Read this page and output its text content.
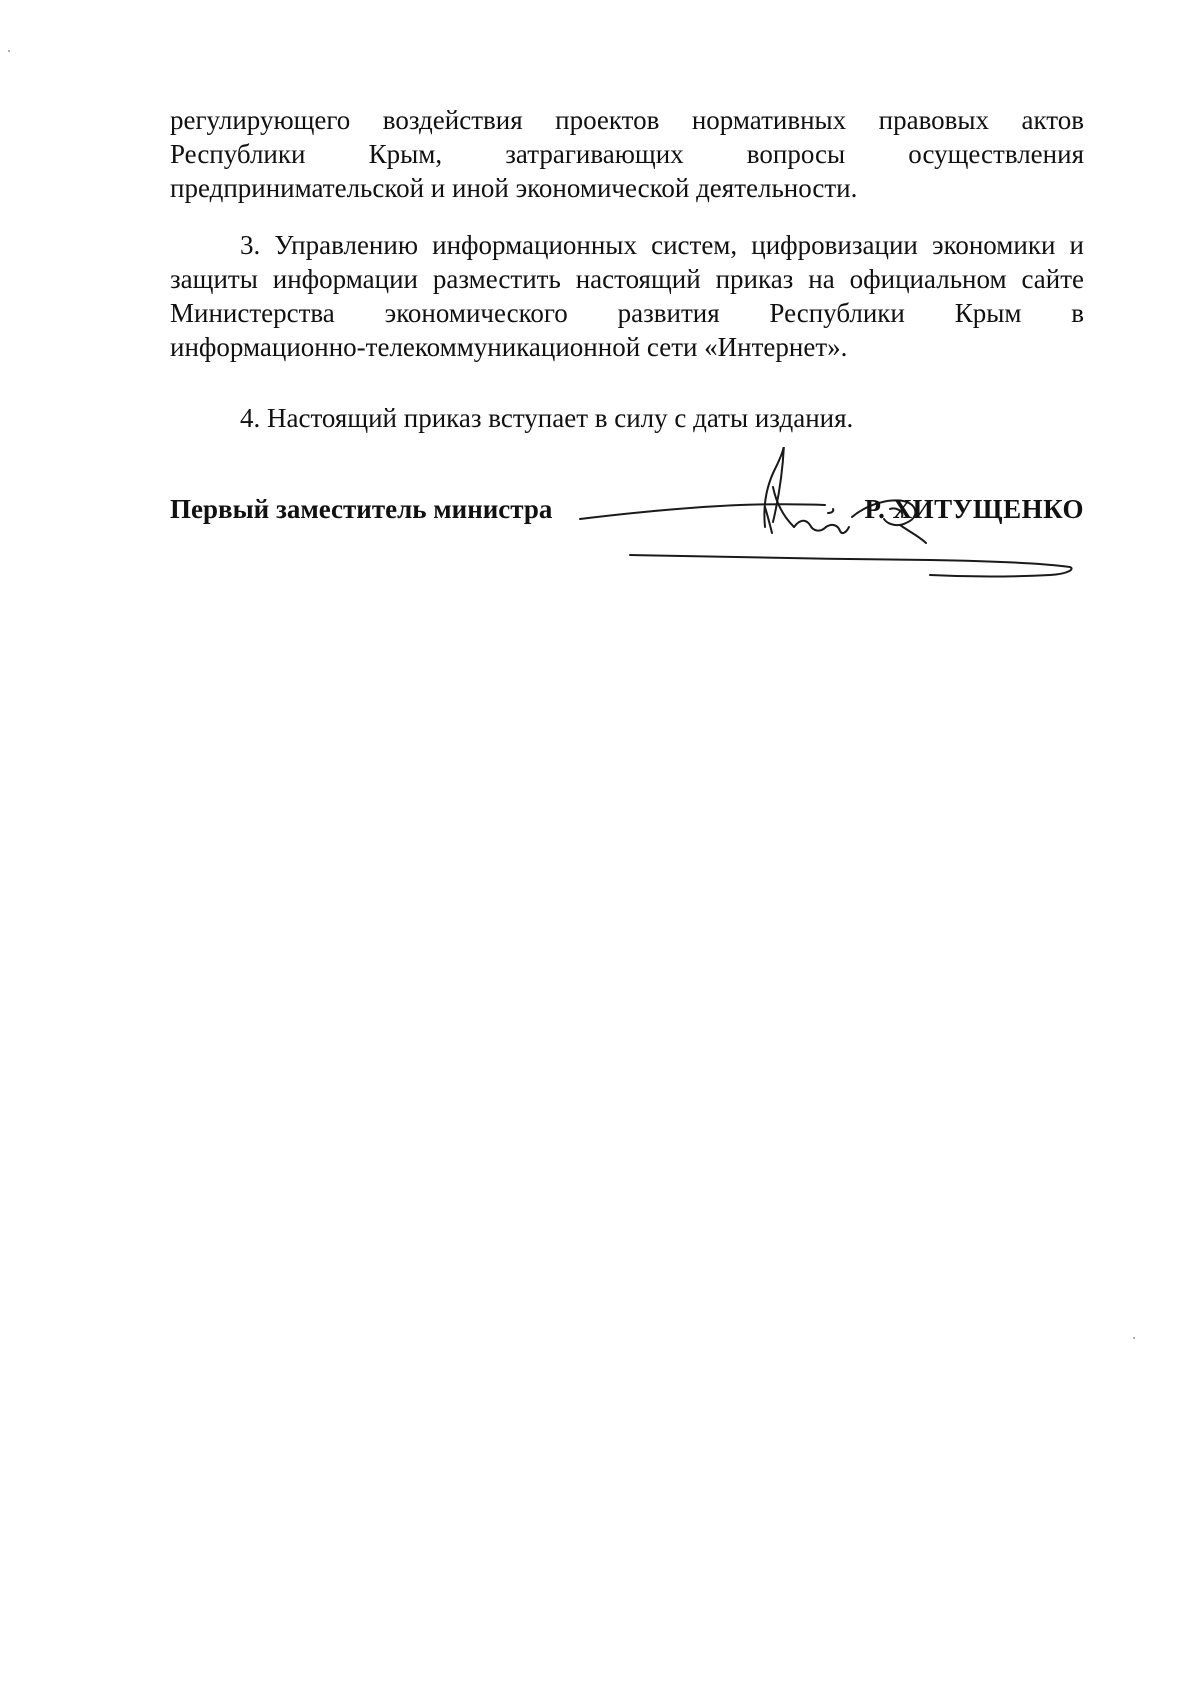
регулирующего воздействия проектов нормативных правовых актов
Республики Крым, затрагивающих вопросы осуществления
предпринимательской и иной экономической деятельности.
3. Управлению информационных систем, цифровизации экономики и
защиты информации разместить настоящий приказ на официальном сайте
Министерства экономического развития Республики Крым в
информационно-телекоммуникационной сети «Интернет».
4. Настоящий приказ вступает в силу с даты издания.
Первый заместитель министра	Р. ХИТУЩЕНКО
